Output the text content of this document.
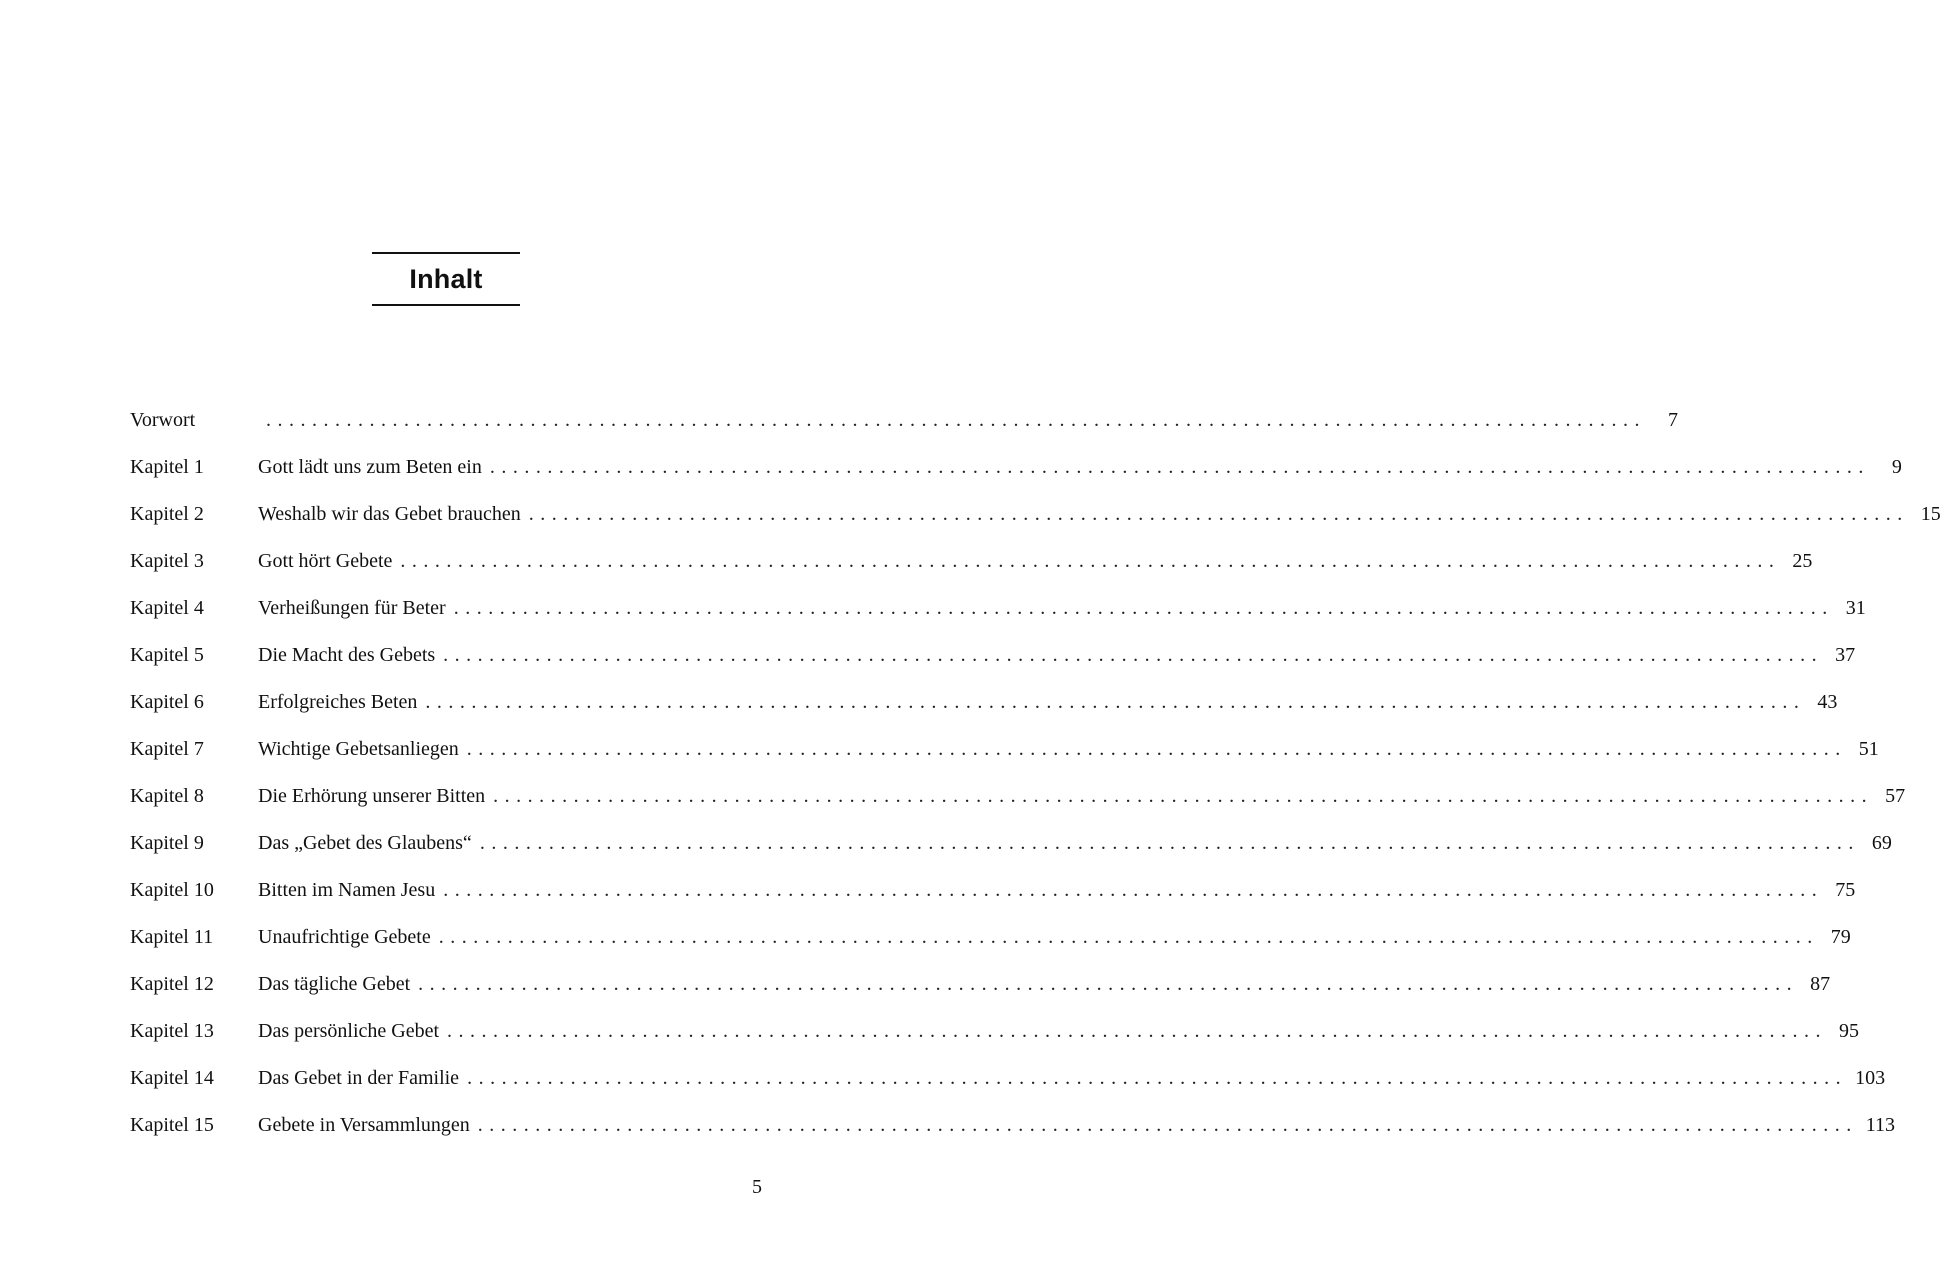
Inhalt
Vorwort	........................................................................................................................	7
Kapitel 1	Gott lädt uns zum Beten ein ........................................................................................................................	9
Kapitel 2	Weshalb wir das Gebet brauchen ........................................................................................................................ 15
Kapitel 3	Gott hört Gebete ........................................................................................................................ 25
Kapitel 4	Verheißungen für Beter ........................................................................................................................ 31
Kapitel 5	Die Macht des Gebets ........................................................................................................................ 37
Kapitel 6	Erfolgreiches Beten ........................................................................................................................ 43
Kapitel 7	Wichtige Gebetsanliegen ........................................................................................................................ 51
Kapitel 8	Die Erhörung unserer Bitten ........................................................................................................................ 57
Kapitel 9	Das „Gebet des Glaubens“ ........................................................................................................................ 69
Kapitel 10	Bitten im Namen Jesu ........................................................................................................................ 75
Kapitel 11	Unaufrichtige Gebete ........................................................................................................................ 79
Kapitel 12	Das tägliche Gebet ........................................................................................................................ 87
Kapitel 13	Das persönliche Gebet ........................................................................................................................ 95
Kapitel 14	Das Gebet in der Familie ........................................................................................................................ 103
Kapitel 15	Gebete in Versammlungen ........................................................................................................................ 113
5
